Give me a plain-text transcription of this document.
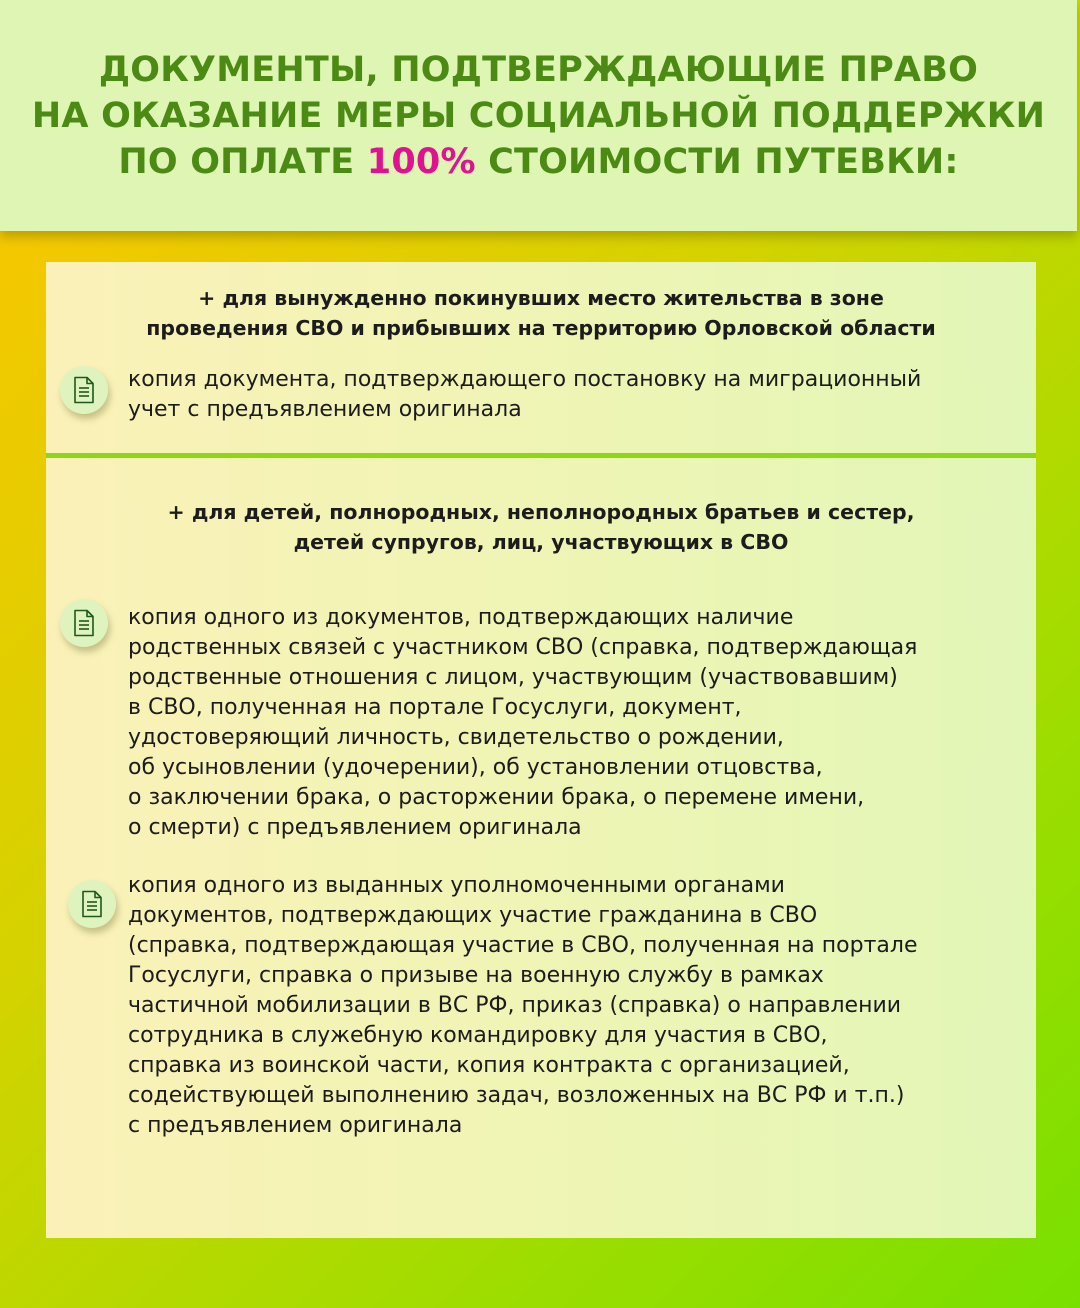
ДОКУМЕНТЫ, ПОДТВЕРЖДАЮЩИЕ ПРАВО
НА ОКАЗАНИЕ МЕРЫ СОЦИАЛЬНОЙ ПОДДЕРЖКИ
ПО ОПЛАТЕ 100% СТОИМОСТИ ПУТЕВКИ:
+ для вынужденно покинувших место жительства в зоне
проведения СВО и прибывших на территорию Орловской области
копия документа, подтверждающего постановку на миграционный
учет с предъявлением оригинала
+ для детей, полнородных, неполнородных братьев и сестер,
детей супругов, лиц, участвующих в СВО
копия одного из документов, подтверждающих наличие
родственных связей с участником СВО (справка, подтверждающая
родственные отношения с лицом, участвующим (участвовавшим)
в СВО, полученная на портале Госуслуги, документ,
удостоверяющий личность, свидетельство о рождении,
об усыновлении (удочерении), об установлении отцовства,
о заключении брака, о расторжении брака, о перемене имени,
о смерти) с предъявлением оригинала
копия одного из выданных уполномоченными органами
документов, подтверждающих участие гражданина в СВО
(справка, подтверждающая участие в СВО, полученная на портале
Госуслуги, справка о призыве на военную службу в рамках
частичной мобилизации в ВС РФ, приказ (справка) о направлении
сотрудника в служебную командировку для участия в СВО,
справка из воинской части, копия контракта с организацией,
содействующей выполнению задач, возложенных на ВС РФ и т.п.)
с предъявлением оригинала
